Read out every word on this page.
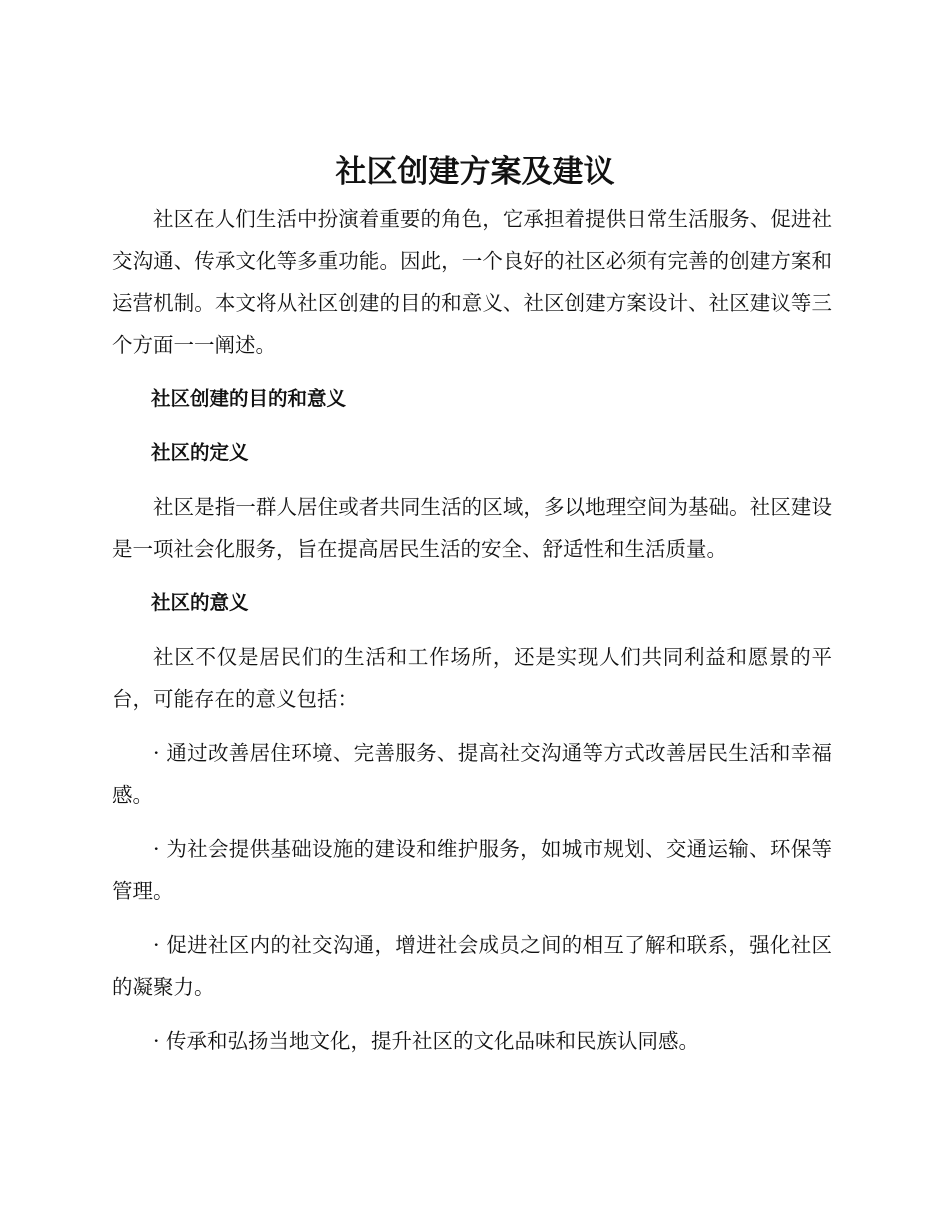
社区创建方案及建议

社区在人们生活中扮演着重要的角色，它承担着提供日常生活服务、促进社交沟通、传承文化等多重功能。因此，一个良好的社区必须有完善的创建方案和运营机制。本文将从社区创建的目的和意义、社区创建方案设计、社区建议等三个方面一一阐述。

社区创建的目的和意义

社区的定义

社区是指一群人居住或者共同生活的区域，多以地理空间为基础。社区建设是一项社会化服务，旨在提高居民生活的安全、舒适性和生活质量。

社区的意义

社区不仅是居民们的生活和工作场所，还是实现人们共同利益和愿景的平台，可能存在的意义包括：

· 通过改善居住环境、完善服务、提高社交沟通等方式改善居民生活和幸福感。

· 为社会提供基础设施的建设和维护服务，如城市规划、交通运输、环保等管理。

· 促进社区内的社交沟通，增进社会成员之间的相互了解和联系，强化社区的凝聚力。

· 传承和弘扬当地文化，提升社区的文化品味和民族认同感。
